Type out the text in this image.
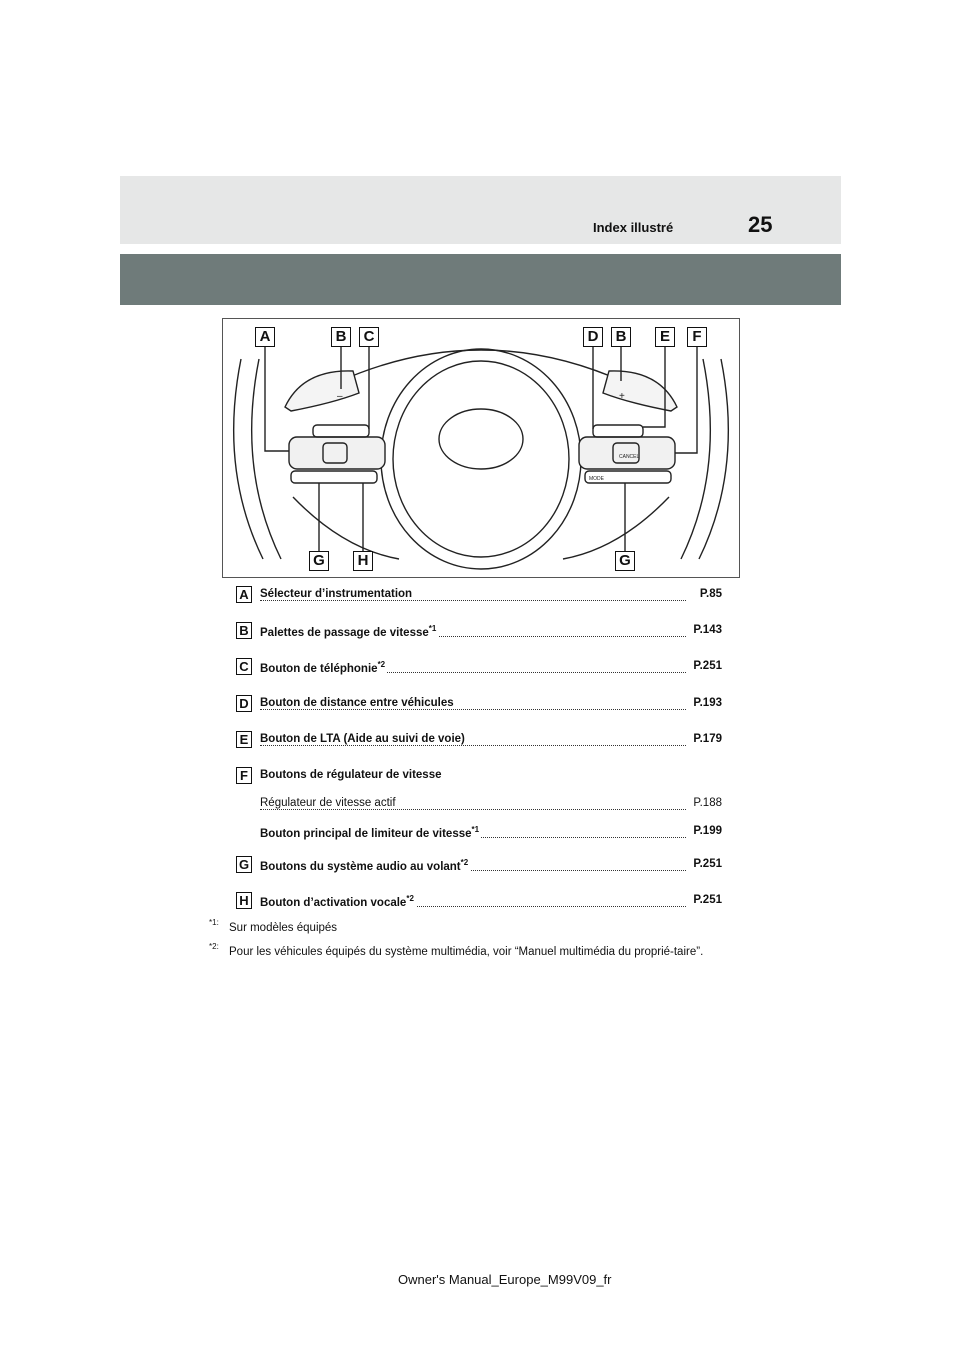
Index illustré	25
CANCEL
MODE
–	+
A	B	C	D	B	E	F
G	H	G
A Sélecteur d’instrumentation	P.85
B Palettes de passage de vitesse$^{*1}$	P.143
C Bouton de téléphonie$^{*2}$	P.251
D Bouton de distance entre véhicules	P.193
E	Bouton de LTA (Aide au suivi de voie)	P.179
F	Boutons de régulateur de vitesse
Régulateur de vitesse actif	P.188
Bouton principal de limiteur de vitesse$^{*1}$	P.199
G Boutons du système audio au volant$^{*2}$	P.251
H Bouton d’activation vocale$^{*2}$	P.251
$^{*1:}$ Sur modèles équipés
$^{*2:}$ Pour les véhicules équipés du système multimédia, voir “Manuel multimédia du proprié-taire”.
Owner's Manual_Europe_M99V09_fr
